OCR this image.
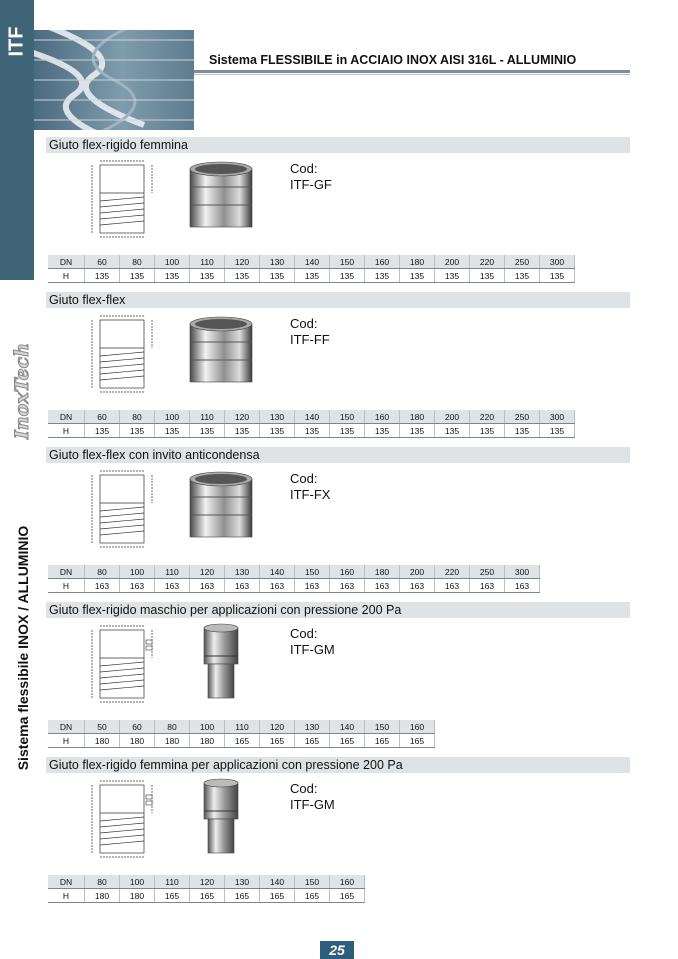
ITF
InoxTech
Sistema flessibile INOX / ALLUMINIO
Sistema FLESSIBILE in ACCIAIO INOX AISI 316L - ALLUMINIO
Giuto flex-rigido femmina
Cod:
ITF-GF
DN	60	80	100	110	120	130	140	150	160	180	200	220	250	300
H	135	135	135	135	135	135	135	135	135	135	135	135	135	135
Giuto flex-flex
Cod:
ITF-FF
DN	60	80	100	110	120	130	140	150	160	180	200	220	250	300
H	135	135	135	135	135	135	135	135	135	135	135	135	135	135
Giuto flex-flex con invito anticondensa
Cod:
ITF-FX
DN	80	100	110	120	130	140	150	160	180	200	220	250	300
H	163	163	163	163	163	163	163	163	163	163	163	163	163
Giuto flex-rigido maschio per applicazioni con pressione 200 Pa
Cod:
ITF-GM
DN	50	60	80	100	110	120	130	140	150	160
H	180	180	180	180	165	165	165	165	165	165
Giuto flex-rigido femmina per applicazioni con pressione 200 Pa
Cod:
ITF-GM
DN	80	100	110	120	130	140	150	160
H	180	180	165	165	165	165	165	165
25
